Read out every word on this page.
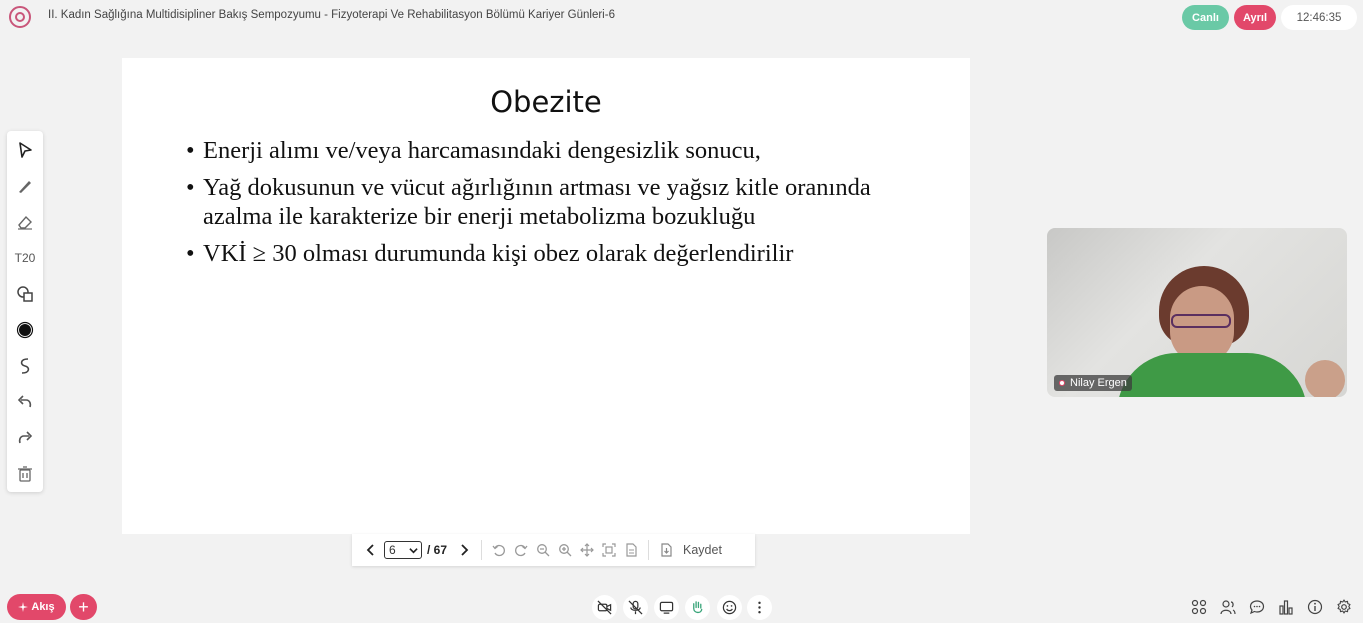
II. Kadın Sağlığına Multidisipliner Bakış Sempozyumu - Fizyoterapi Ve Rehabilitasyon Bölümü Kariyer Günleri-6	Canlı	Ayrıl	12:46:35
T20
Obezite
• Enerji alımı ve/veya harcamasındaki dengesizlik sonucu,
• Yağ dokusunun ve vücut ağırlığının artması ve yağsız kitle oranında azalma ile karakterize bir enerji metabolizma bozukluğu
• VKİ ≥ 30 olması durumunda kişi obez olarak değerlendirilir
Nilay Ergen
6	/ 67	Kaydet
Akış	+
